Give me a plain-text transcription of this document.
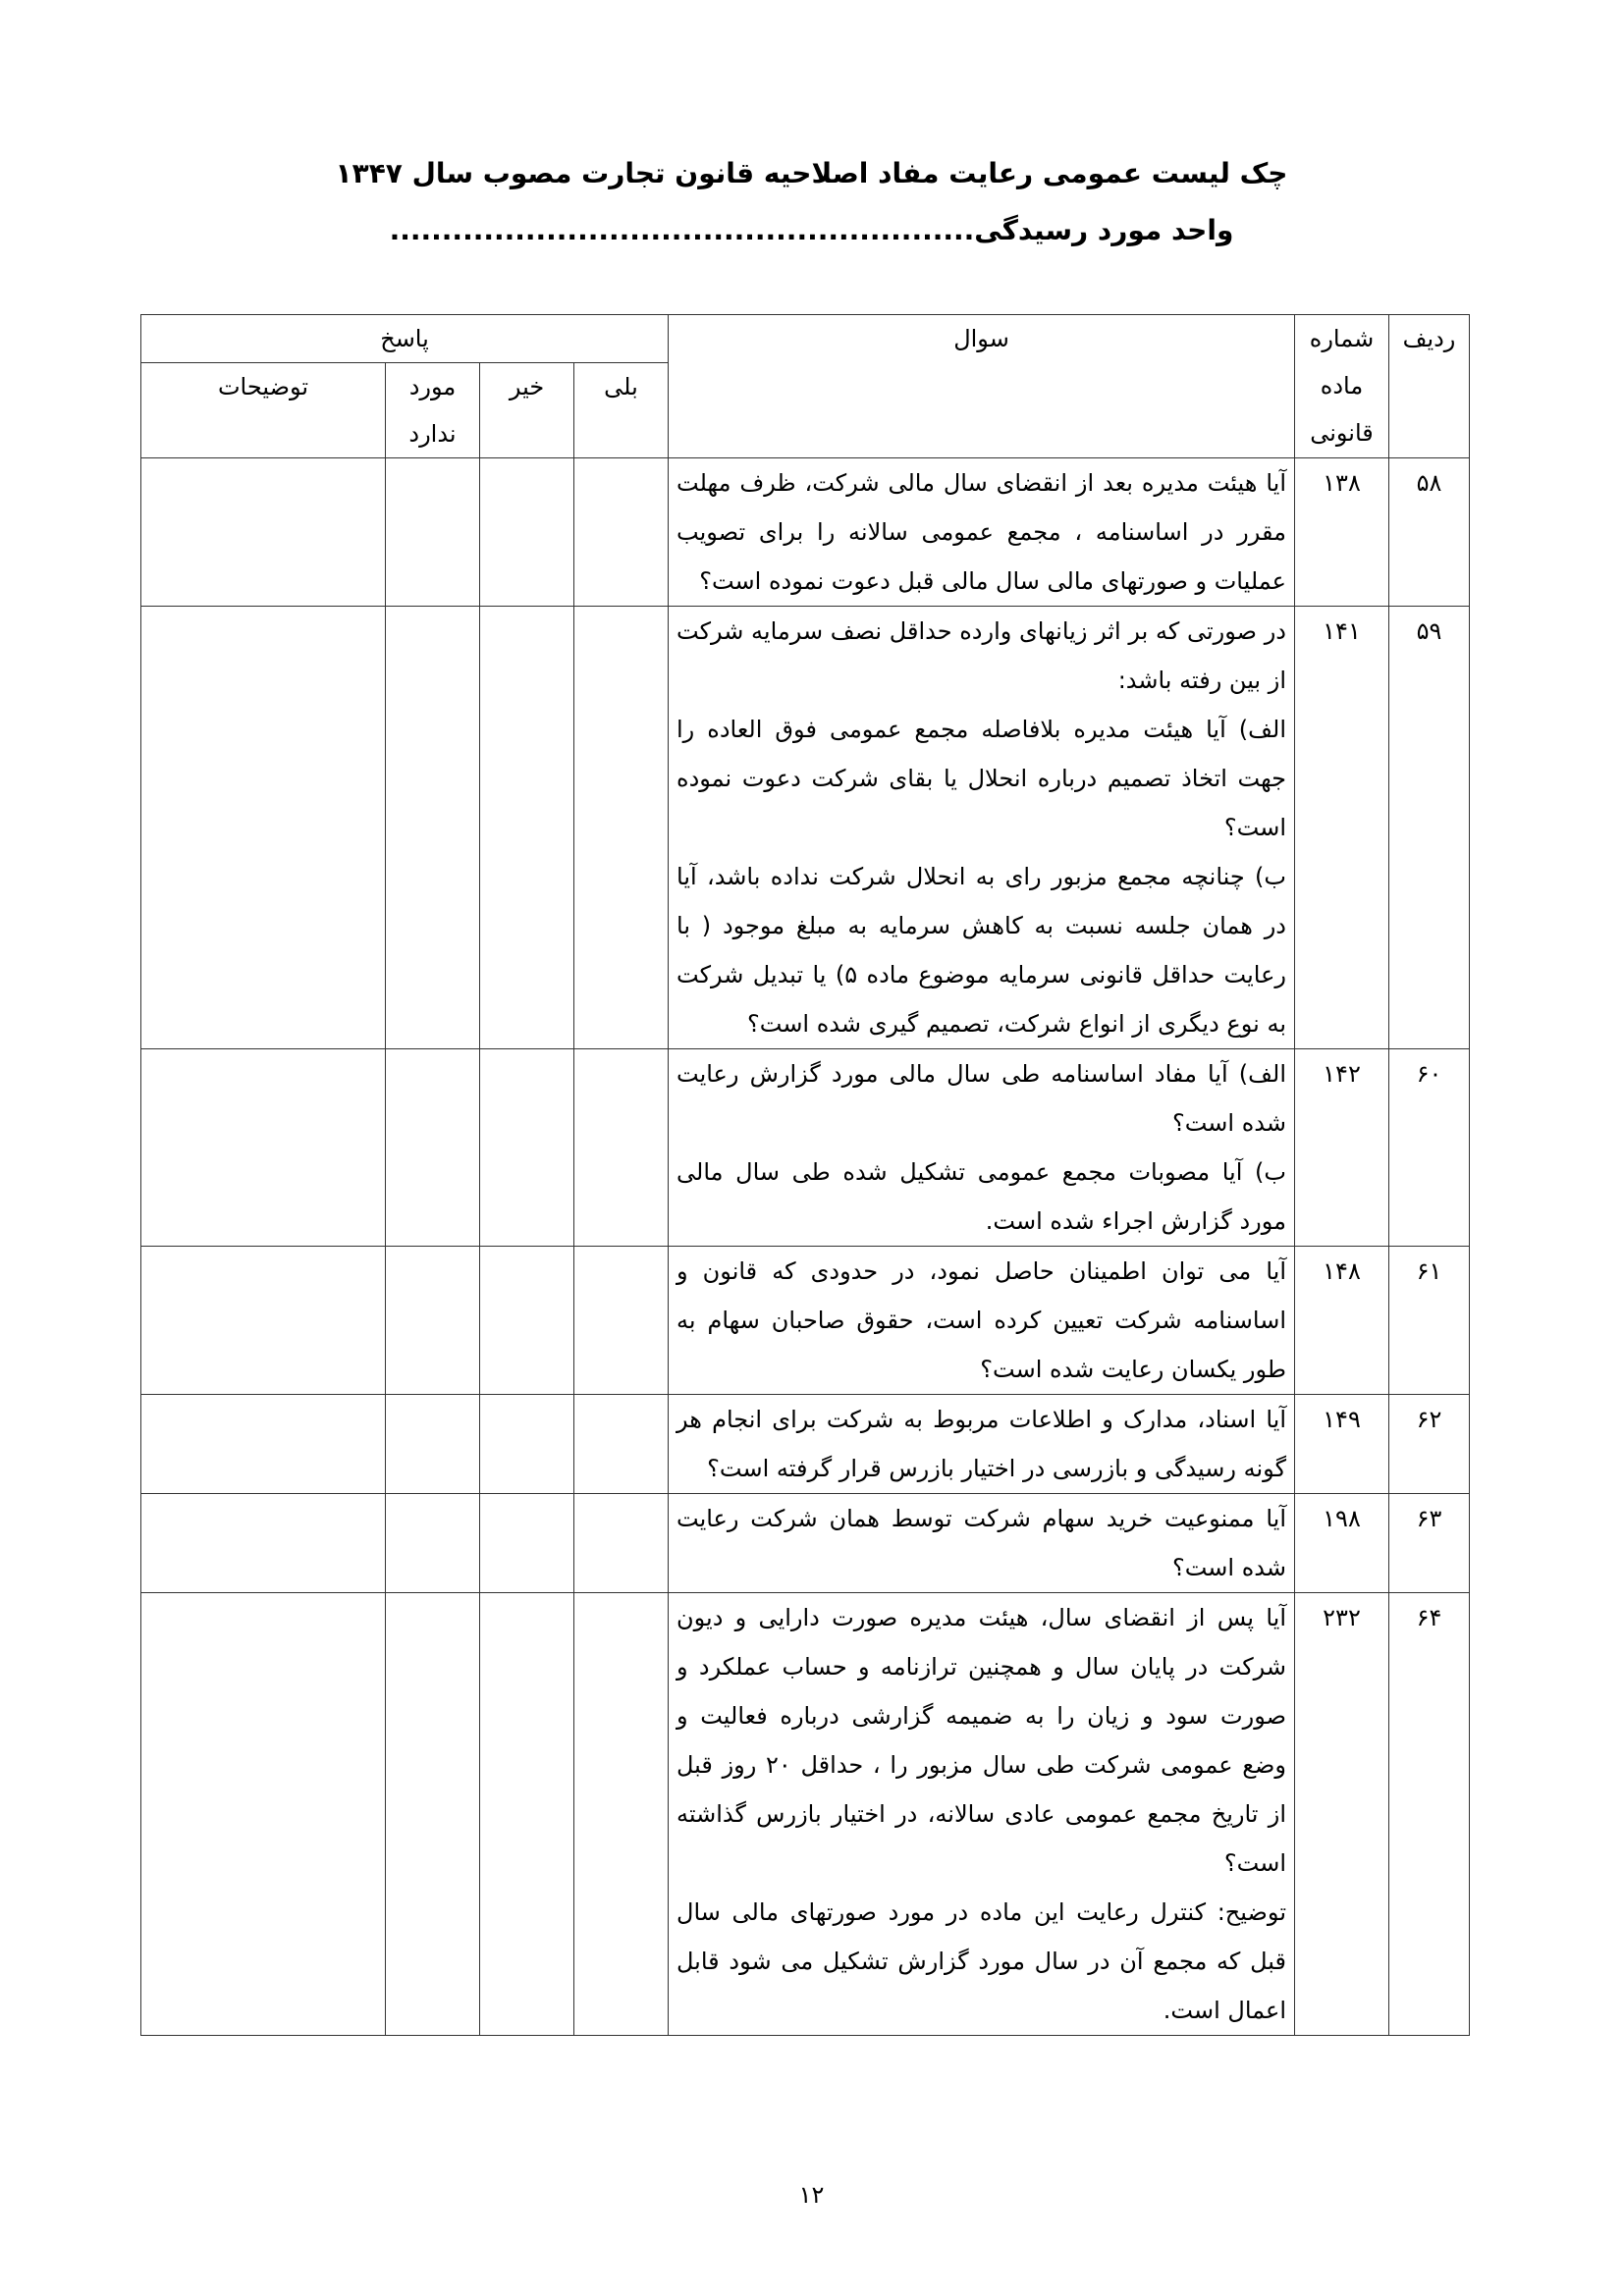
چک لیست عمومی رعایت مفاد اصلاحیه قانون تجارت مصوب سال ۱۳۴۷
واحد مورد رسیدگی........................................................
ردیف	شماره
ماده
قانونی	سوال	پاسخ			
			بلی	خیر	مورد
ندارد	توضیحات
۵۸	۱۳۸	آیا هیئت مدیره بعد از انقضای سال مالی شرکت، ظرف مهلت مقرر در اساسنامه ، مجمع عمومی سالانه را برای تصویب عملیات و صورتهای مالی سال مالی قبل دعوت نموده است؟				

۵۹	۱۴۱	در صورتی که بر اثر زیانهای وارده حداقل نصف سرمایه شرکت از بین رفته باشد:
الف) آیا هیئت مدیره بلافاصله مجمع عمومی فوق العاده را جهت اتخاذ تصمیم درباره انحلال یا بقای شرکت دعوت نموده است؟
ب) چنانچه مجمع مزبور رای به انحلال شرکت نداده باشد، آیا در همان جلسه نسبت به کاهش سرمایه به مبلغ موجود ( با رعایت حداقل قانونی سرمایه موضوع ماده ۵) یا تبدیل شرکت به نوع دیگری از انواع شرکت، تصمیم گیری شده است؟				

۶۰	۱۴۲	الف) آیا مفاد اساسنامه طی سال مالی مورد گزارش رعایت شده است؟
ب) آیا مصوبات مجمع عمومی تشکیل شده طی سال مالی مورد گزارش اجراء شده است.				

۶۱	۱۴۸	آیا می توان اطمینان حاصل نمود، در حدودی که قانون و اساسنامه شرکت تعیین کرده است، حقوق صاحبان سهام به طور یکسان رعایت شده است؟				

۶۲	۱۴۹	آیا اسناد، مدارک و اطلاعات مربوط به شرکت برای انجام هر گونه رسیدگی و بازرسی در اختیار بازرس قرار گرفته است؟				

۶۳	۱۹۸	آیا ممنوعیت خرید سهام شرکت توسط همان شرکت رعایت شده است؟				

۶۴	۲۳۲	آیا پس از انقضای سال، هیئت مدیره صورت دارایی و دیون شرکت در پایان سال و همچنین ترازنامه و حساب عملکرد و صورت سود و زیان را به ضمیمه گزارشی درباره فعالیت و وضع عمومی شرکت طی سال مزبور را ، حداقل ۲۰ روز قبل از تاریخ مجمع عمومی عادی سالانه، در اختیار بازرس گذاشته است؟
توضیح: کنترل رعایت این ماده در مورد صورتهای مالی سال قبل که مجمع آن در سال مورد گزارش تشکیل می شود قابل اعمال است.				

۱۲
